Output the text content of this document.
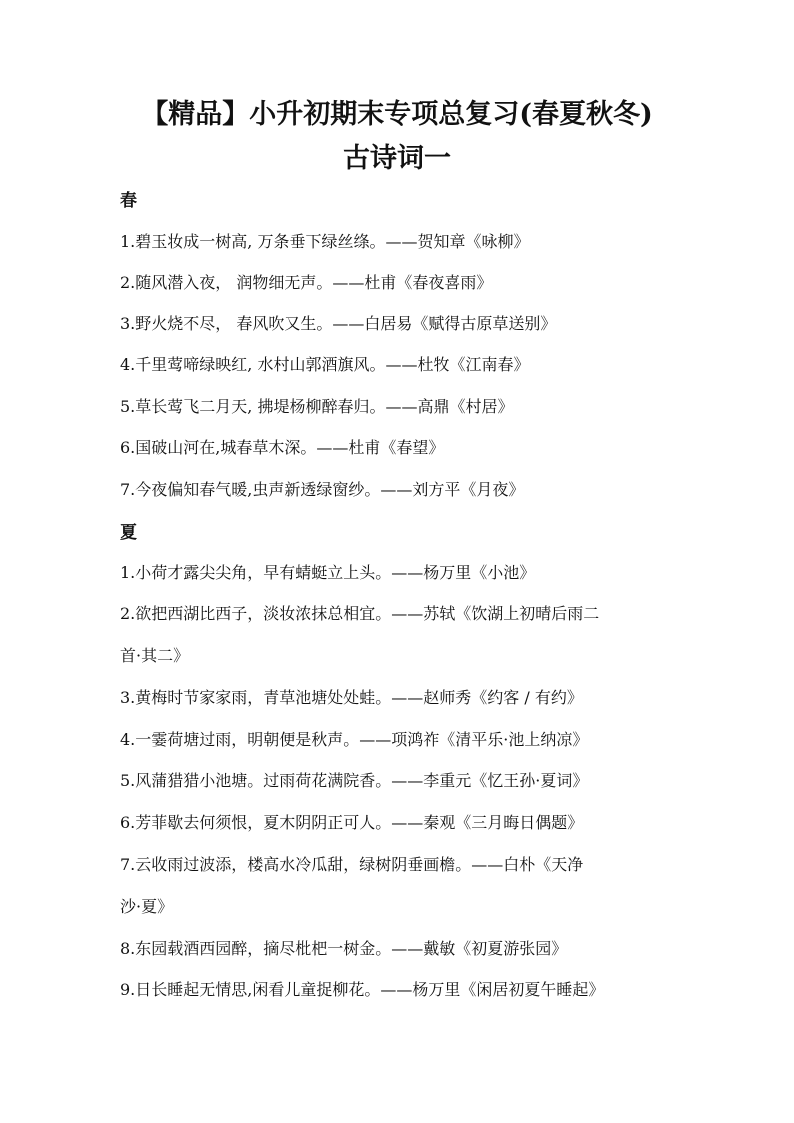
【精品】小升初期末专项总复习(春夏秋冬)
古诗词一
春
1.碧玉妆成一树高, 万条垂下绿丝绦。——贺知章《咏柳》
2.随风潜入夜， 润物细无声。——杜甫《春夜喜雨》
3.野火烧不尽， 春风吹又生。——白居易《赋得古原草送别》
4.千里莺啼绿映红, 水村山郭酒旗风。——杜牧《江南春》
5.草长莺飞二月天, 拂堤杨柳醉春归。——高鼎《村居》
6.国破山河在,城春草木深。——杜甫《春望》
7.今夜偏知春气暖,虫声新透绿窗纱。——刘方平《月夜》
夏
1.小荷才露尖尖角，早有蜻蜓立上头。——杨万里《小池》
2.欲把西湖比西子，淡妆浓抹总相宜。——苏轼《饮湖上初晴后雨二
首·其二》
3.黄梅时节家家雨，青草池塘处处蛙。——赵师秀《约客 / 有约》
4.一霎荷塘过雨，明朝便是秋声。——项鸿祚《清平乐·池上纳凉》
5.风蒲猎猎小池塘。过雨荷花满院香。——李重元《忆王孙·夏词》
6.芳菲歇去何须恨，夏木阴阴正可人。——秦观《三月晦日偶题》
7.云收雨过波添，楼高水冷瓜甜，绿树阴垂画檐。——白朴《天净
沙·夏》
8.东园载酒西园醉，摘尽枇杷一树金。——戴敏《初夏游张园》
9.日长睡起无情思,闲看儿童捉柳花。——杨万里《闲居初夏午睡起》
